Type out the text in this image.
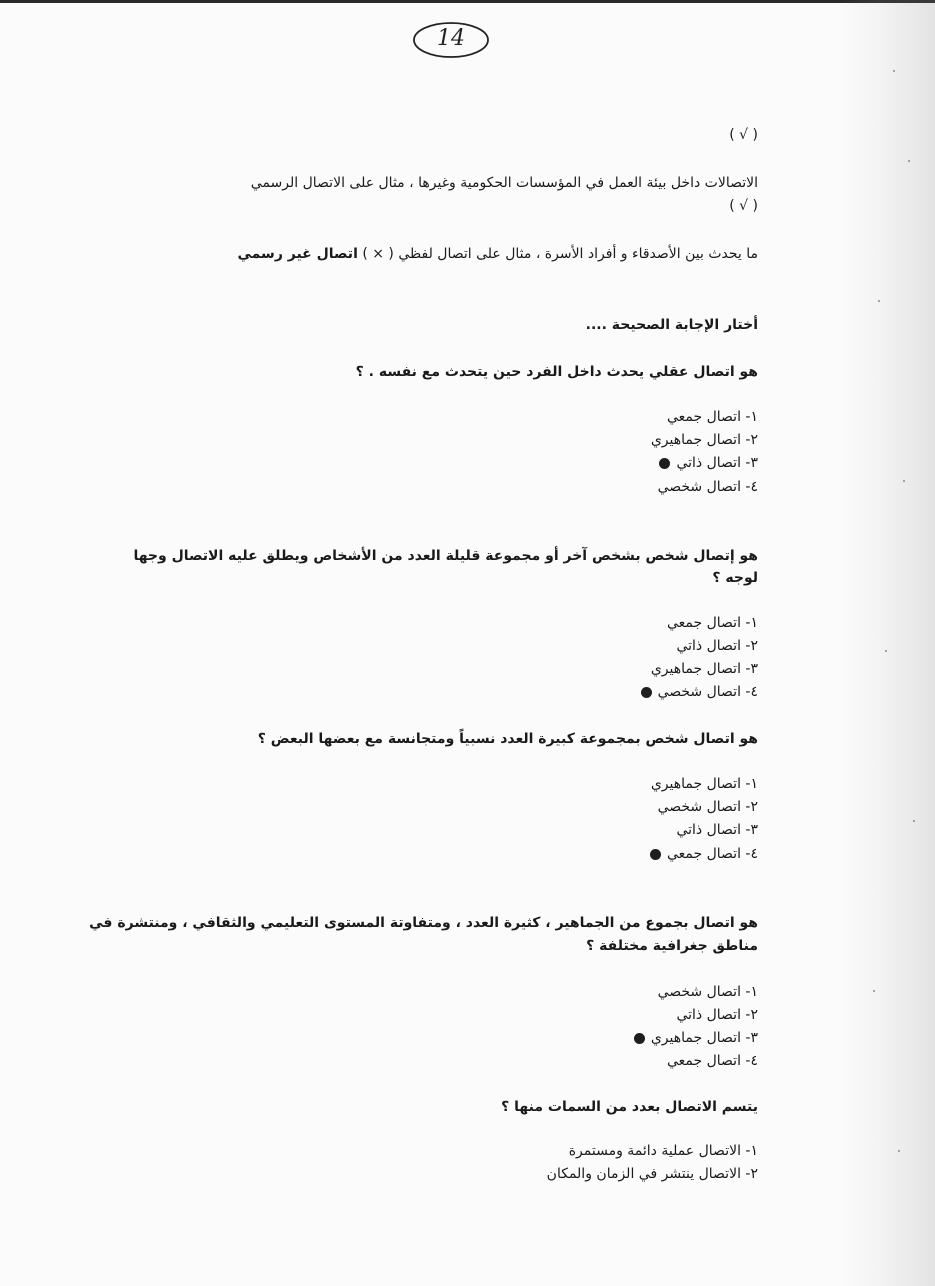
14
( √ )
الاتصالات داخل بيئة العمل في المؤسسات الحكومية وغيرها ، مثال على الاتصال الرسمي
( √ )
ما يحدث بين الأصدقاء و أفراد الأسرة ، مثال على اتصال لفظي ( × ) اتصال غير رسمي
أختار الإجابة الصحيحة ....
هو اتصال عقلي يحدث داخل الفرد حين يتحدث مع نفسه . ؟
١- اتصال جمعي
٢- اتصال جماهيري
٣- اتصال ذاتي
٤- اتصال شخصي
هو إتصال شخص بشخص آخر أو مجموعة قليلة العدد من الأشخاص ويطلق عليه الاتصال وجها
لوجه ؟
١- اتصال جمعي
٢- اتصال ذاتي
٣- اتصال جماهيري
٤- اتصال شخصي
هو اتصال شخص بمجموعة كبيرة العدد نسبياً ومتجانسة مع بعضها البعض ؟
١- اتصال جماهيري
٢- اتصال شخصي
٣- اتصال ذاتي
٤- اتصال جمعي
هو اتصال بجموع من الجماهير ، كثيرة العدد ، ومتفاوتة المستوى التعليمي والثقافي ، ومنتشرة في
مناطق جغرافية مختلفة ؟
١- اتصال شخصي
٢- اتصال ذاتي
٣- اتصال جماهيري
٤- اتصال جمعي
يتسم الاتصال بعدد من السمات منها ؟
١- الاتصال عملية دائمة ومستمرة
٢- الاتصال ينتشر في الزمان والمكان
